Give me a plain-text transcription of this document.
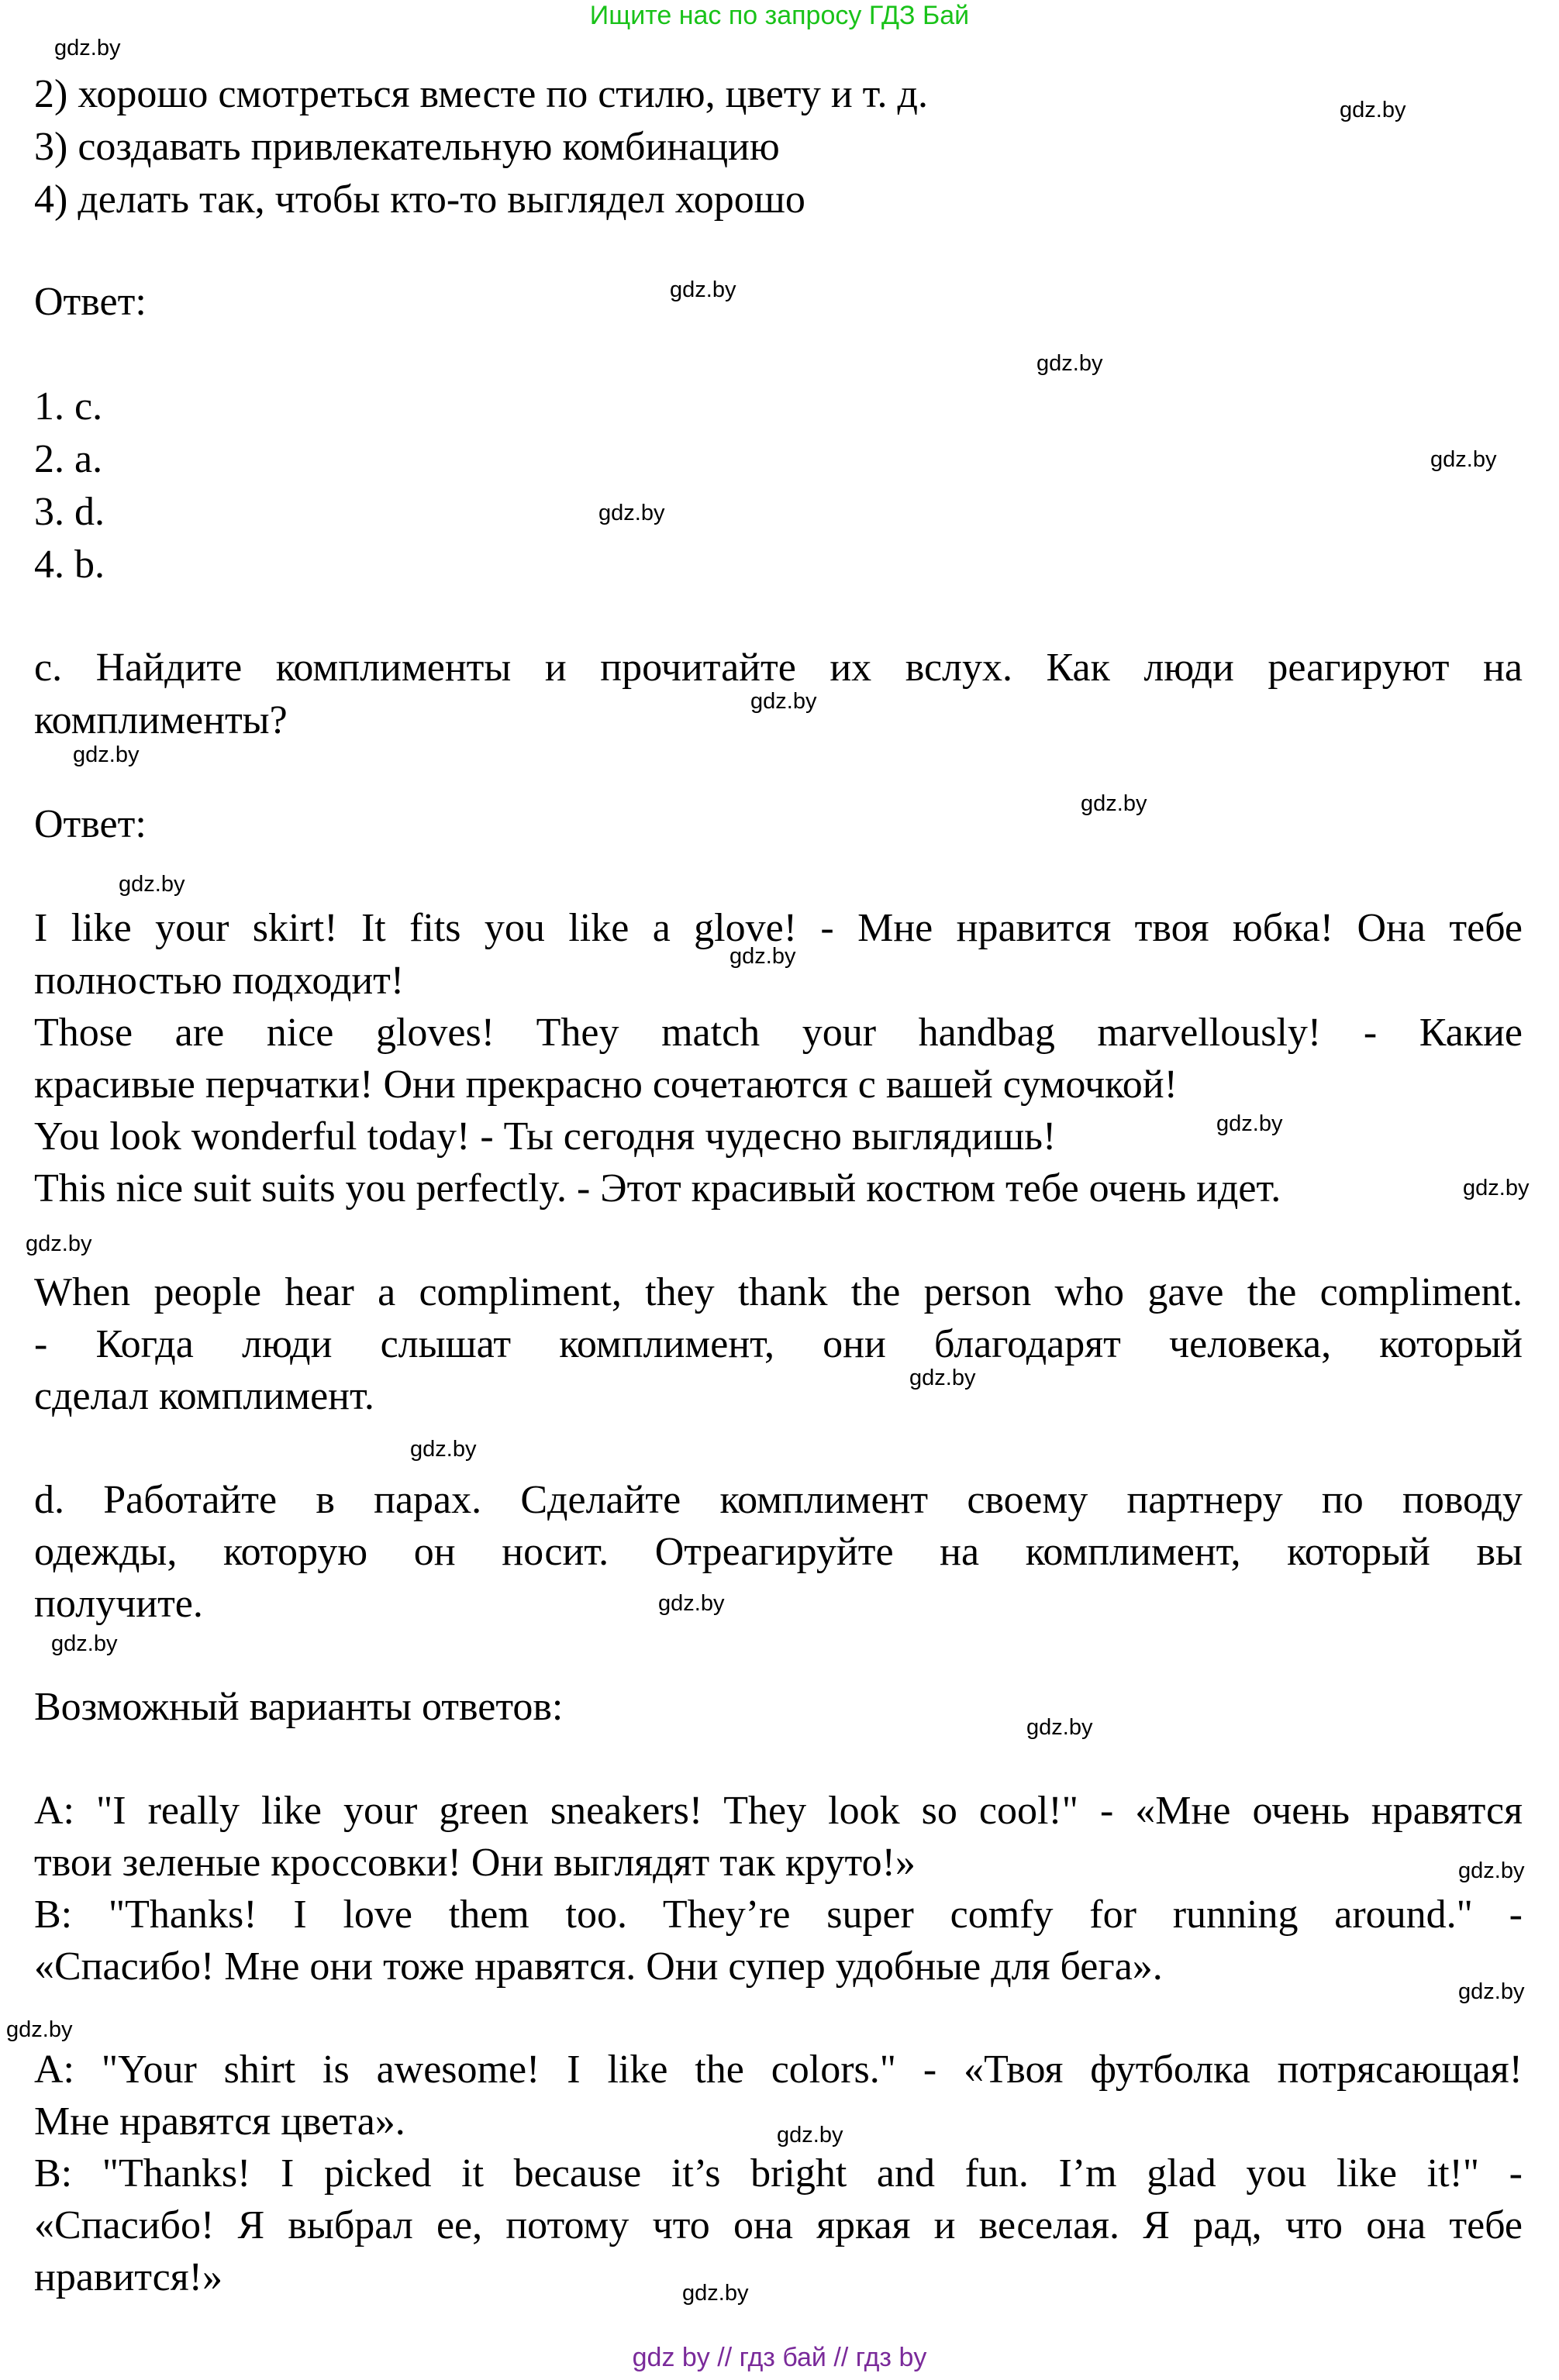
Ищите нас по запросу ГДЗ Бай
2) хорошо смотреться вместе по стилю, цвету и т. д.
3) создавать привлекательную комбинацию
4) делать так, чтобы кто-то выглядел хорошо
Ответ:
1. c.
2. a.
3. d.
4. b.
c. Найдите комплименты и прочитайте их вслух. Как люди реагируют на
комплименты?
Ответ:
I like your skirt! It fits you like a glove! - Мне нравится твоя юбка! Она тебе
полностью подходит!
Those are nice gloves! They match your handbag marvellously! - Какие
красивые перчатки! Они прекрасно сочетаются с вашей сумочкой!
You look wonderful today! - Ты сегодня чудесно выглядишь!
This nice suit suits you perfectly. - Этот красивый костюм тебе очень идет.
When people hear a compliment, they thank the person who gave the compliment.
- Когда люди слышат комплимент, они благодарят человека, который
сделал комплимент.
d. Работайте в парах. Сделайте комплимент своему партнеру по поводу
одежды, которую он носит. Отреагируйте на комплимент, который вы
получите.
Возможный варианты ответов:
A: "I really like your green sneakers! They look so cool!" - «Мне очень нравятся
твои зеленые кроссовки! Они выглядят так круто!»
B: "Thanks! I love them too. They’re super comfy for running around." -
«Спасибо! Мне они тоже нравятся. Они супер удобные для бега».
A: "Your shirt is awesome! I like the colors." - «Твоя футболка потрясающая!
Мне нравятся цвета».
B: "Thanks! I picked it because it’s bright and fun. I’m glad you like it!" -
«Спасибо! Я выбрал ее, потому что она яркая и веселая. Я рад, что она тебе
нравится!»
gdz.by
gdz.by
gdz.by
gdz.by
gdz.by
gdz.by
gdz.by
gdz.by
gdz.by
gdz.by
gdz.by
gdz.by
gdz.by
gdz.by
gdz.by
gdz.by
gdz.by
gdz.by
gdz.by
gdz.by
gdz.by
gdz.by
gdz.by
gdz.by
gdz by // гдз бай // гдз by
